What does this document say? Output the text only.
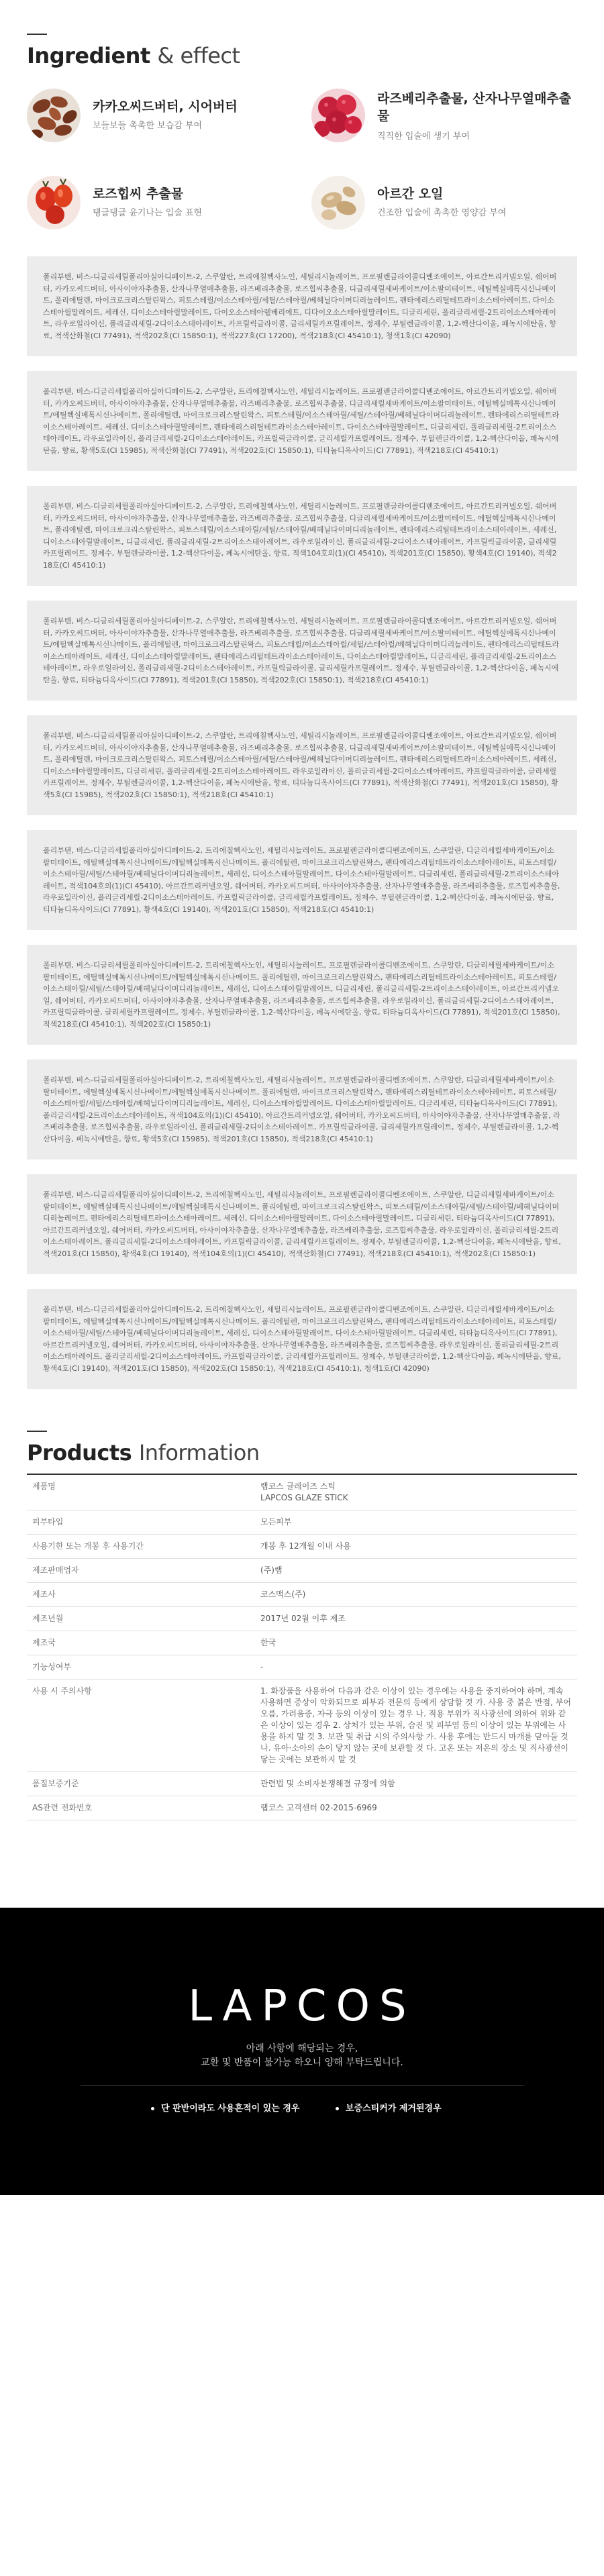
Ingredient & effect
카카오씨드버터, 시어버터
보들보들 촉촉한 보습감 부여
라즈베리추출물, 산자나무열매추출물
직직한 입술에 생기 부여
로즈힙씨 추출물
탱글탱글 윤기나는 입술 표현
아르간 오일
건조한 입술에 촉촉한 영양감 부여
폴리부텐, 비스-디글리세릴폴리아실아디페이트-2, 스쿠알란, 트리에칠헥사노인, 세틸리시놀레이트, 프로필렌글라이콜디벤조에이트, 아르간트리커넬오일, 쉐어버터, 카카오씨드버터, 아사이야자추출물, 산자나무열매추출물, 라즈베리추출물, 로즈힙씨추출물, 디글리세릴세바케이트/이소팔미테이트, 에틸헥실메톡시신나메이트, 폴리에틸렌, 마이크로크리스탈린왁스, 피토스테릴/이소스테아릴/세틸/스테아릴/베헤닐다이머디리놀레이트, 펜타에리스리틸테트라이소스테아레이트, 다이소스테아릴말레이트, 세레신, 디이소스테아릴말레이트, 다이오소스테아렡베리에트, 디다이오소스테아릴말레이트, 디글리세린, 폴리글리세릴-2트리이소스테아레이트, 라우로일라이신, 폴리글리세릴-2디이소스테아레이트, 카프릴릭글라이콜, 글리세릴카프릴레이트, 정제수, 부틸렌글라이콜, 1,2-헥산다이올, 페녹시에탄올, 향료, 적색산화철(CI 77491), 적색202호(CI 15850:1), 적색227호(CI 17200), 적색218호(CI 45410:1), 청색1호(CI 42090)
폴리부텐, 비스-디글리세릴폴리아실아디페이트-2, 스쿠알란, 트리에칠헥사노인, 세틸리시놀레이트, 프로필렌글라이콜디벤조에이트, 아르간트리커넬오일, 쉐어버터, 카카오씨드버터, 아사이야자추출물, 산자나무열매추출물, 라즈베리추출물, 로즈힙씨추출물, 디글리세릴세바케이트/이소팔미테이트, 에틸헥실메톡시신나메이트/에틸헥실메톡시신나메이트, 폴리에틸렌, 마이크로크리스탈린왁스, 피토스테릴/이소스테아릴/세틸/스테아릴/베헤닐다이머디리놀레이트, 펜타에리스리틸테트라이소스테아레이트, 세레신, 디이소스테아릴말레이트, 펜타에리스리틸테트라이소스테아레이트, 다이소스테아릴말레이트, 디글리세린, 폴리글리세릴-2트리이소스테아레이트, 라우로일라이신, 폴리글리세릴-2디이소스테아레이트, 카프릴릭글라이콜, 글리세릴카프릴레이트, 정제수, 부틸렌글라이콜, 1,2-헥산다이올, 페녹시에탄올, 향료, 황색5호(CI 15985), 적색산화철(CI 77491), 적색202호(CI 15850:1), 티타늄디옥사이드(CI 77891), 적색218호(CI 45410:1)
폴리부텐, 비스-디글리세릴폴리아실아디페이트-2, 스쿠알란, 트리에칠헥사노인, 세틸리시놀레이트, 프로필렌글라이콜디벤조에이트, 아르간트리커넬오일, 쉐어버터, 카카오씨드버터, 아사이야자추출물, 산자나무열매추출물, 라즈베리추출물, 로즈힙씨추출물, 디글리세릴세바케이트/이소팔미테이트, 에틸헥실메톡시신나메이트, 폴리에틸렌, 마이크로크리스탈린왁스, 피토스테릴/이소스테아릴/세틸/스테아릴/베헤닐다이머디리놀레이트, 펜타에리스리틸테트라이소스테아레이트, 세레신, 디이소스테아릴말레이트, 디글리세린, 폴리글리세릴-2트리이소스테아레이트, 라우로일라이신, 폴리글리세릴-2디이소스테아레이트, 카프릴릭글라이콜, 글리세릴카프릴레이트, 정제수, 부틸렌글라이콜, 1,2-헥산다이올, 페녹시에탄올, 향료, 적색104호의(1)(CI 45410), 적색201호(CI 15850), 황색4호(CI 19140), 적색218호(CI 45410:1)
폴리부텐, 비스-디글리세릴폴리아실아디페이트-2, 스쿠알란, 트리에칠헥사노인, 세틸리시놀레이트, 프로필렌글라이콜디벤조에이트, 아르간트리커넬오일, 쉐어버터, 카카오씨드버터, 아사이야자추출물, 산자나무열매추출물, 라즈베리추출물, 로즈힙씨추출물, 디글리세릴세바케이트/이소팔미테이트, 에틸헥실메톡시신나메이트/에틸헥실메톡시신나메이트, 폴리에틸렌, 마이크로크리스탈린왁스, 피토스테릴/이소스테아릴/세틸/스테아릴/베헤닐다이머디리놀레이트, 펜타에리스리틸테트라이소스테아레이트, 세레신, 디이소스테아릴말레이트, 펜타에리스리틸테트라이소스테아레이트, 다이소스테아릴말레이트, 디글리세린, 폴리글리세릴-2트리이소스테아레이트, 라우로일라이신, 폴리글리세릴-2디이소스테아레이트, 카프릴릭글라이콜, 글리세릴카프릴레이트, 정제수, 부틸렌글라이콜, 1,2-헥산다이올, 페녹시에탄올, 향료, 티타늄디옥사이드(CI 77891), 적색201호(CI 15850), 적색202호(CI 15850:1), 적색218호(CI 45410:1)
폴리부텐, 비스-디글리세릴폴리아실아디페이트-2, 스쿠알란, 트리에칠헥사노인, 세틸리시놀레이트, 프로필렌글라이콜디벤조에이트, 아르간트리커넬오일, 쉐어버터, 카카오씨드버터, 아사이야자추출물, 산자나무열매추출물, 라즈베리추출물, 로즈힙씨추출물, 디글리세릴세바케이트/이소팔미테이트, 에틸헥실메톡시신나메이트, 폴리에틸렌, 마이크로크리스탈린왁스, 피토스테릴/이소스테아릴/세틸/스테아릴/베헤닐다이머디리놀레이트, 펜타에리스리틸테트라이소스테아레이트, 세레신, 디이소스테아릴말레이트, 디글리세린, 폴리글리세릴-2트리이소스테아레이트, 라우로일라이신, 폴리글리세릴-2디이소스테아레이트, 카프릴릭글라이콜, 글리세릴카프릴레이트, 정제수, 부틸렌글라이콜, 1,2-헥산다이올, 페녹시에탄올, 향료, 티타늄디옥사이드(CI 77891), 적색산화철(CI 77491), 적색201호(CI 15850), 황색5호(CI 15985), 적색202호(CI 15850:1), 적색218호(CI 45410:1)
폴리부텐, 비스-디글리세릴폴리아실아디페이트-2, 트리에칠헥사노인, 세틸리시놀레이트, 프로필렌글라이콜디벤조에이트, 스쿠알란, 디글리세릴세바케이트/이소팔미테이트, 에틸헥실메톡시신나메이트/에틸헥실메톡시신나메이트, 폴리에틸렌, 마이크로크리스탈린왁스, 펜타에리스리틸테트라이소스테아레이트, 피토스테릴/이소스테아릴/세틸/스테아릴/베헤닐다이머디리놀레이트, 세레신, 디이소스테아릴말레이트, 다이소스테아릴말레이트, 디글리세린, 폴리글리세릴-2트리이소스테아레이트, 적색104호의(1)(CI 45410), 아르간트리커넬오일, 쉐어버터, 카카오씨드버터, 아사이야자추출물, 산자나무열매추출물, 라즈베리추출물, 로즈힙씨추출물, 라우로일라이신, 폴리글리세릴-2디이소스테아레이트, 카프릴릭글라이콜, 글리세릴카프릴레이트, 정제수, 부틸렌글라이콜, 1,2-헥산다이올, 페녹시에탄올, 향료, 티타늄디옥사이드(CI 77891), 황색4호(CI 19140), 적색201호(CI 15850), 적색218호(CI 45410:1)
폴리부텐, 비스-디글리세릴폴리아실아디페이트-2, 트리에칠헥사노인, 세틸리시놀레이트, 프로필렌글라이콜디벤조에이트, 스쿠알란, 디글리세릴세바케이트/이소팔미테이트, 에틸헥실메톡시신나메이트/에틸헥실메톡시신나메이트, 폴리에틸렌, 마이크로크리스탈린왁스, 펜타에리스리틸테트라이소스테아레이트, 피토스테릴/이소스테아릴/세틸/스테아릴/베헤닐다이머디리놀레이트, 세레신, 디이소스테아릴말레이트, 디글리세린, 폴리글리세릴-2트리이소스테아레이트, 아르간트리커넬오일, 쉐어버터, 카카오씨드버터, 아사이야자추출물, 산자나무열매추출물, 라즈베리추출물, 로즈힙씨추출물, 라우로일라이신, 폴리글리세릴-2디이소스테아레이트, 카프릴릭글라이콜, 글리세릴카프릴레이트, 정제수, 부틸렌글라이콜, 1,2-헥산다이올, 페녹시에탄올, 향료, 티타늄디옥사이드(CI 77891), 적색201호(CI 15850), 적색218호(CI 45410:1), 적색202호(CI 15850:1)
폴리부텐, 비스-디글리세릴폴리아실아디페이트-2, 트리에칠헥사노인, 세틸리시놀레이트, 프로필렌글라이콜디벤조에이트, 스쿠알란, 디글리세릴세바케이트/이소팔미테이트, 에틸헥실메톡시신나메이트/에틸헥실메톡시신나메이트, 폴리에틸렌, 마이크로크리스탈린왁스, 펜타에리스리틸테트라이소스테아레이트, 피토스테릴/이소스테아릴/세틸/스테아릴/베헤닐다이머디리놀레이트, 세레신, 디이소스테아릴말레이트, 다이소스테아릴말레이트, 디글리세린, 티타늄디옥사이드(CI 77891), 폴리글리세릴-2트리이소스테아레이트, 적색104호의(1)(CI 45410), 아르간트리커넬오일, 쉐어버터, 카카오씨드버터, 아사이야자추출물, 산자나무열매추출물, 라즈베리추출물, 로즈힙씨추출물, 라우로일라이신, 폴리글리세릴-2디이소스테아레이트, 카프릴릭글라이콜, 글리세릴카프릴레이트, 정제수, 부틸렌글라이콜, 1,2-헥산다이올, 페녹시에탄올, 향료, 황색5호(CI 15985), 적색201호(CI 15850), 적색218호(CI 45410:1)
폴리부텐, 비스-디글리세릴폴리아실아디페이트-2, 트리에칠헥사노인, 세틸리시놀레이트, 프로필렌글라이콜디벤조에이트, 스쿠알란, 디글리세릴세바케이트/이소팔미테이트, 에틸헥실메톡시신나메이트/에틸헥실메톡시신나메이트, 폴리에틸렌, 마이크로크리스탈린왁스, 피토스테릴/이소스테아릴/세틸/스테아릴/베헤닐다이머디리놀레이트, 펜타에리스리틸테트라이소스테아레이트, 세레신, 디이소스테아릴말레이트, 다이소스테아릴말레이트, 디글리세린, 티타늄디옥사이드(CI 77891), 아르간트리커넬오일, 쉐어버터, 카카오씨드버터, 아사이야자추출물, 산자나무열매추출물, 라즈베리추출물, 로즈힙씨추출물, 라우로일라이신, 폴리글리세릴-2트리이소스테아레이트, 폴리글리세릴-2디이소스테아레이트, 카프릴릭글라이콜, 글리세릴카프릴레이트, 정제수, 부틸렌글라이콜, 1,2-헥산다이올, 페녹시에탄올, 향료, 적색201호(CI 15850), 황색4호(CI 19140), 적색104호의(1)(CI 45410), 적색산화철(CI 77491), 적색218호(CI 45410:1), 적색202호(CI 15850:1)
폴리부텐, 비스-디글리세릴폴리아실아디페이트-2, 트리에칠헥사노인, 세틸리시놀레이트, 프로필렌글라이콜디벤조에이트, 스쿠알란, 디글리세릴세바케이트/이소팔미테이트, 에틸헥실메톡시신나메이트/에틸헥실메톡시신나메이트, 폴리에틸렌, 마이크로크리스탈린왁스, 펜타에리스리틸테트라이소스테아레이트, 피토스테릴/이소스테아릴/세틸/스테아릴/베헤닐다이머디리놀레이트, 세레신, 디이소스테아릴말레이트, 다이소스테아릴말레이트, 디글리세린, 티타늄디옥사이드(CI 77891), 아르간트리커넬오일, 쉐어버터, 카카오씨드버터, 아사이야자추출물, 산자나무열매추출물, 라즈베리추출물, 로즈힙씨추출물, 라우로일라이신, 폴리글리세릴-2트리이소스테아레이트, 폴리글리세릴-2디이소스테아레이트, 카프릴릭글라이콜, 글리세릴카프릴레이트, 정제수, 부틸렌글라이콜, 1,2-헥산다이올, 페녹시에탄올, 향료, 황색4호(CI 19140), 적색201호(CI 15850), 적색202호(CI 15850:1), 적색218호(CI 45410:1), 청색1호(CI 42090)
Products Information
제품명	랩코스 글레이즈 스틱
LAPCOS GLAZE STICK
피부타입	모든피부
사용기한 또는 개봉 후 사용기간	개봉 후 12개월 이내 사용
제조판매업자	(주)랩
제조사	코스맥스(주)
제조년월	2017년 02월 이후 제조
제조국	한국
기능성여부	-
사용 시 주의사항	1. 화장품을 사용하여 다음과 같은 이상이 있는 경우에는 사용을 중지하여야 하며, 계속 사용하면 증상이 악화되므로 피부과 전문의 등에게 상담할 것 가. 사용 중 붉은 반점, 부어오름, 가려움증, 자극 등의 이상이 있는 경우 나. 적용 부위가 직사광선에 의하여 위와 같은 이상이 있는 경우 2. 상처가 있는 부위, 습진 및 피부염 등의 이상이 있는 부위에는 사용을 하지 말 것 3. 보관 및 취급 시의 주의사항 가. 사용 후에는 반드시 마개를 닫아둘 것 나. 유아·소아의 손이 닿지 않는 곳에 보관할 것 다. 고온 또는 저온의 장소 및 직사광선이 닿는 곳에는 보관하지 말 것
품질보증기준	관련법 및 소비자분쟁해결 규정에 의함
AS관련 전화번호	랩코스 고객센터 02-2015-6969
LAPCOS
아래 사항에 해당되는 경우,
교환 및 반품이 불가능 하오니 양해 부탁드립니다.
단 판반이라도 사용흔적이 있는 경우	보증스티커가 제거된경우
